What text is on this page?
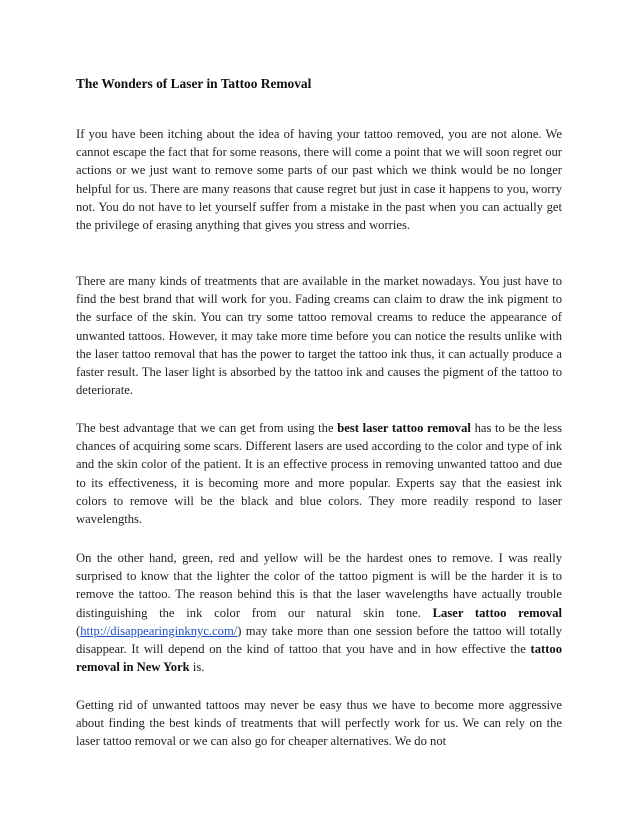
The Wonders of Laser in Tattoo Removal

If you have been itching about the idea of having your tattoo removed, you are not alone. We cannot escape the fact that for some reasons, there will come a point that we will soon regret our actions or we just want to remove some parts of our past which we think would be no longer helpful for us. There are many reasons that cause regret but just in case it happens to you, worry not. You do not have to let yourself suffer from a mistake in the past when you can actually get the privilege of erasing anything that gives you stress and worries.

There are many kinds of treatments that are available in the market nowadays. You just have to find the best brand that will work for you. Fading creams can claim to draw the ink pigment to the surface of the skin. You can try some tattoo removal creams to reduce the appearance of unwanted tattoos. However, it may take more time before you can notice the results unlike with the laser tattoo removal that has the power to target the tattoo ink thus, it can actually produce a faster result. The laser light is absorbed by the tattoo ink and causes the pigment of the tattoo to deteriorate.

The best advantage that we can get from using the best laser tattoo removal has to be the less chances of acquiring some scars. Different lasers are used according to the color and type of ink and the skin color of the patient. It is an effective process in removing unwanted tattoo and due to its effectiveness, it is becoming more and more popular. Experts say that the easiest ink colors to remove will be the black and blue colors. They more readily respond to laser wavelengths.

On the other hand, green, red and yellow will be the hardest ones to remove. I was really surprised to know that the lighter the color of the tattoo pigment is will be the harder it is to remove the tattoo. The reason behind this is that the laser wavelengths have actually trouble distinguishing the ink color from our natural skin tone. Laser tattoo removal (http://disappearinginknyc.com/) may take more than one session before the tattoo will totally disappear. It will depend on the kind of tattoo that you have and in how effective the tattoo removal in New York is.

Getting rid of unwanted tattoos may never be easy thus we have to become more aggressive about finding the best kinds of treatments that will perfectly work for us. We can rely on the laser tattoo removal or we can also go for cheaper alternatives. We do not
